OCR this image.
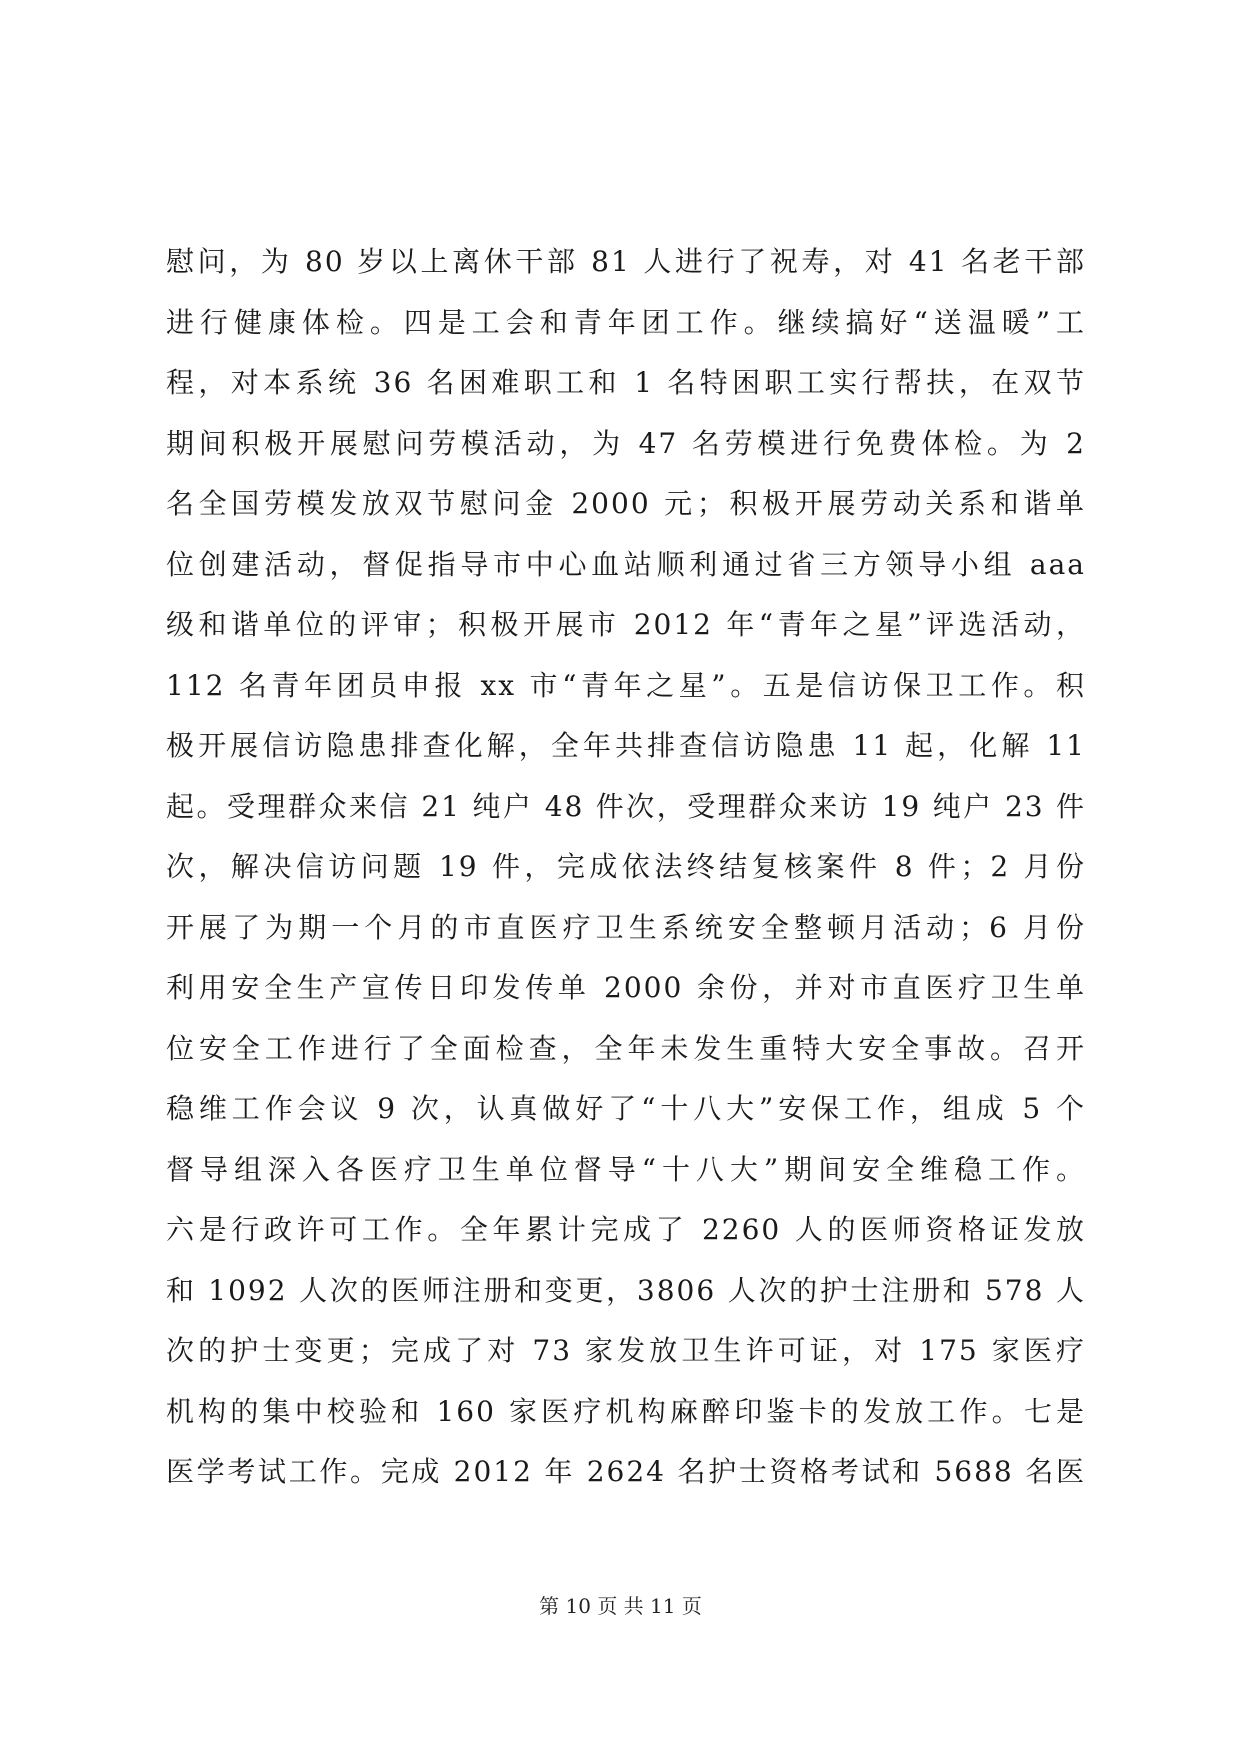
慰问，为 80 岁以上离休干部 81 人进行了祝寿，对 41 名老干部
进行健康体检。四是工会和青年团工作。继续搞好“送温暖”工
程，对本系统 36 名困难职工和 1 名特困职工实行帮扶，在双节
期间积极开展慰问劳模活动，为 47 名劳模进行免费体检。为 2
名全国劳模发放双节慰问金 2000 元；积极开展劳动关系和谐单
位创建活动，督促指导市中心血站顺利通过省三方领导小组 aaa
级和谐单位的评审；积极开展市 2012 年“青年之星”评选活动，
112 名青年团员申报 xx 市“青年之星”。五是信访保卫工作。积
极开展信访隐患排查化解，全年共排查信访隐患 11 起，化解 11
起。受理群众来信 21 纯户 48 件次，受理群众来访 19 纯户 23 件
次，解决信访问题 19 件，完成依法终结复核案件 8 件；2 月份
开展了为期一个月的市直医疗卫生系统安全整顿月活动；6 月份
利用安全生产宣传日印发传单 2000 余份，并对市直医疗卫生单
位安全工作进行了全面检查，全年未发生重特大安全事故。召开
稳维工作会议 9 次，认真做好了“十八大”安保工作，组成 5 个
督导组深入各医疗卫生单位督导“十八大”期间安全维稳工作。
六是行政许可工作。全年累计完成了 2260 人的医师资格证发放
和 1092 人次的医师注册和变更，3806 人次的护士注册和 578 人
次的护士变更；完成了对 73 家发放卫生许可证，对 175 家医疗
机构的集中校验和 160 家医疗机构麻醉印鉴卡的发放工作。七是
医学考试工作。完成 2012 年 2624 名护士资格考试和 5688 名医
第 10 页 共 11 页
